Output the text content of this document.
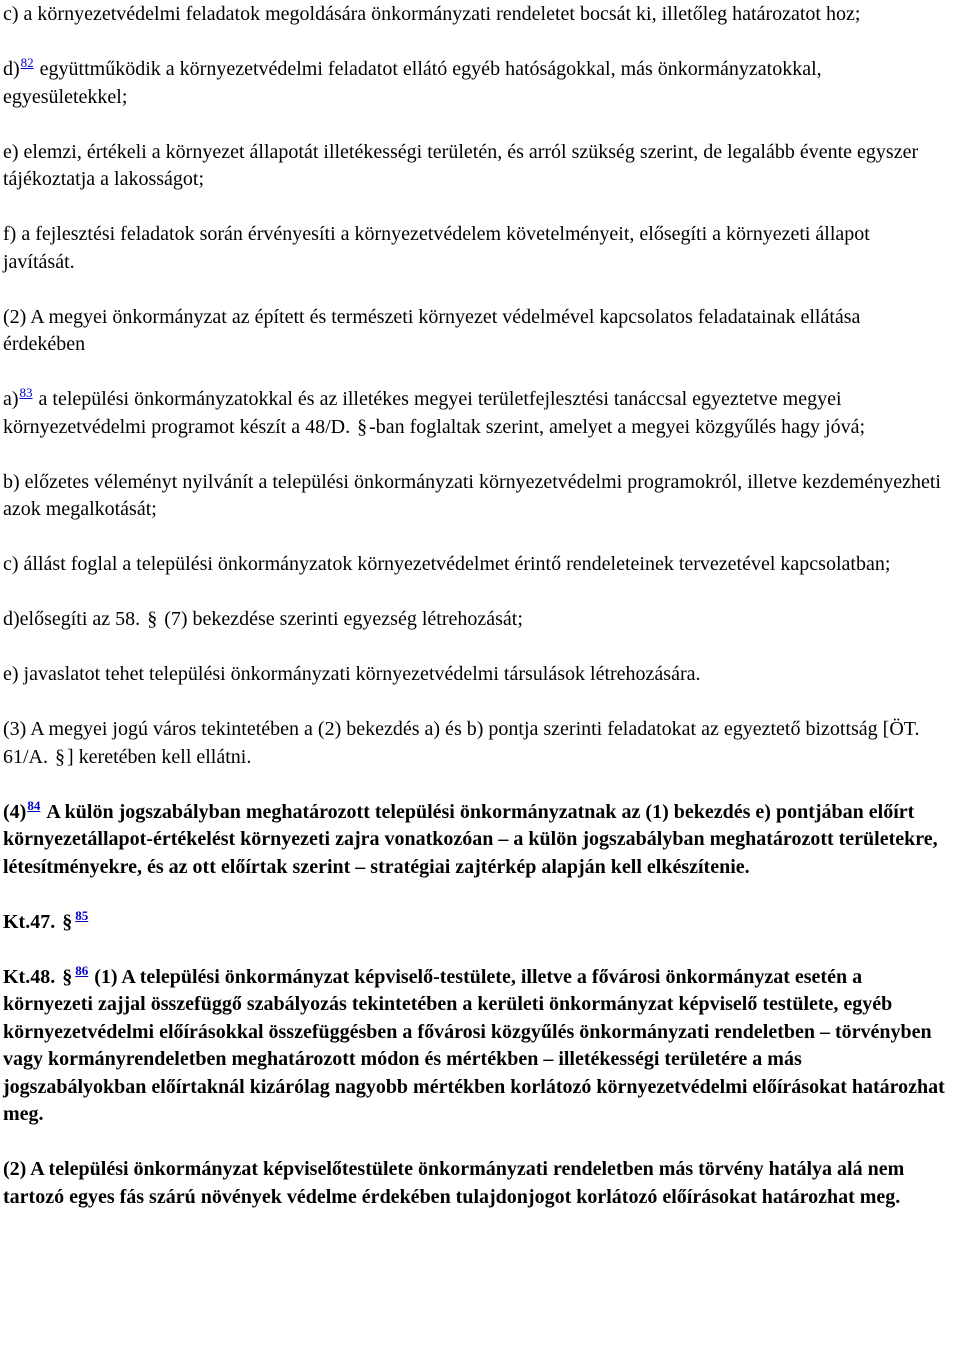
c) a környezetvédelmi feladatok megoldására önkormányzati rendeletet bocsát ki, illetőleg határozatot hoz;

d)$^{82}$ együttműködik a környezetvédelmi feladatot ellátó egyéb hatóságokkal, más önkormányzatokkal, egyesületekkel;

e) elemzi, értékeli a környezet állapotát illetékességi területén, és arról szükség szerint, de legalább évente egyszer tájékoztatja a lakosságot;

f) a fejlesztési feladatok során érvényesíti a környezetvédelem követelményeit, elősegíti a környezeti állapot javítását.

(2) A megyei önkormányzat az épített és természeti környezet védelmével kapcsolatos feladatainak ellátása érdekében

a)$^{83}$ a települési önkormányzatokkal és az illetékes megyei területfejlesztési tanáccsal egyeztetve megyei környezetvédelmi programot készít a 48/D. § -ban foglaltak szerint, amelyet a megyei közgyűlés hagy jóvá;

b) előzetes véleményt nyilvánít a települési önkormányzati környezetvédelmi programokról, illetve kezdeményezheti azok megalkotását;

c) állást foglal a települési önkormányzatok környezetvédelmet érintő rendeleteinek tervezetével kapcsolatban;

d)elősegíti az 58. § (7) bekezdése szerinti egyezség létrehozását;

e) javaslatot tehet települési önkormányzati környezetvédelmi társulások létrehozására.

(3) A megyei jogú város tekintetében a (2) bekezdés a) és b) pontja szerinti feladatokat az egyeztető bizottság [ÖT. 61/A. § ] keretében kell ellátni.

(4)$^{84}$ A külön jogszabályban meghatározott települési önkormányzatnak az (1) bekezdés e) pontjában előírt környezetállapot-értékelést környezeti zajra vonatkozóan – a külön jogszabályban meghatározott területekre, létesítményekre, és az ott előírtak szerint – stratégiai zajtérkép alapján kell elkészítenie.

Kt.47. § $^{85}$

Kt.48. § $^{86}$ (1) A települési önkormányzat képviselő-testülete, illetve a fővárosi önkormányzat esetén a környezeti zajjal összefüggő szabályozás tekintetében a kerületi önkormányzat képviselő testülete, egyéb környezetvédelmi előírásokkal összefüggésben a fővárosi közgyűlés önkormányzati rendeletben – törvényben vagy kormányrendeletben meghatározott módon és mértékben – illetékességi területére a más jogszabályokban előírtaknál kizárólag nagyobb mértékben korlátozó környezetvédelmi előírásokat határozhat meg.

(2) A települési önkormányzat képviselőtestülete önkormányzati rendeletben más törvény hatálya alá nem tartozó egyes fás szárú növények védelme érdekében tulajdonjogot korlátozó előírásokat határozhat meg.
